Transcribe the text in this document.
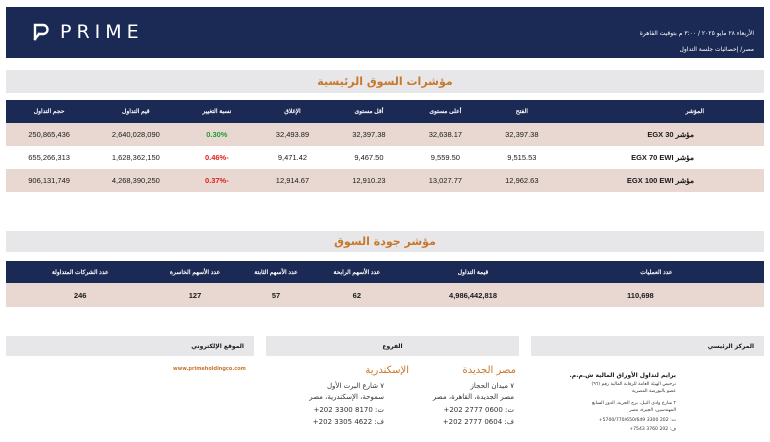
PRIME	الأربعاء ٢٨ مايو ٢٠٢٥ / ٣:٠٠ م بتوقيت القاهرة
مصر/ إحصائيات جلسة التداول
مؤشرات السوق الرئيسية
المؤشر	الفتح	أعلى مستوى	أقل مستوى	الإغلاق	نسبة التغيير	قيم التداول	حجم التداول
مؤشر EGX 30	32,397.38	32,638.17	32,397.38	32,493.89	0.30%	2,640,028,090	250,865,436
مؤشر EGX 70 EWI	9,515.53	9,559.50	9,467.50	9,471.42	-0.46%	1,628,362,150	655,266,313
مؤشر EGX 100 EWI	12,962.63	13,027.77	12,910.23	12,914.67	-0.37%	4,268,390,250	906,131,749
مؤشر جودة السوق
عدد العمليات	قيمة التداول	عدد الأسهم الرابحة	عدد الأسهم الثابتة	عدد الأسهم الخاسرة	عدد الشركات المتداولة
110,698	4,986,442,818	62	57	127	246
المركز الرئيسي
الفروع
الموقع الإلكتروني
www.primeholdingco.com	الإسكندرية
٧ شارع البرت الأول
سموحة، الإسكندرية، مصر
ت: 8170 3300 202+
ف: 4622 3305 202+
مصر الجديدة
٧ ميدان الحجاز
مصر الجديدة، القاهرة، مصر
ت: 0600 2777 202+
ف: 0604 2777 202+
برايم لتداول الأوراق المالية ش.م.م.
ترخيص الهيئة العامة للرقابة المالية رقم (٩٦)
عضو بالبورصة المصرية
٢ شارع وادي النيل، برج الحرية، الدور السابع
المهندسين، الجيزة، مصر
ت: 202 3300 5700/770/650/649+
ف: 202 3760 7543+
